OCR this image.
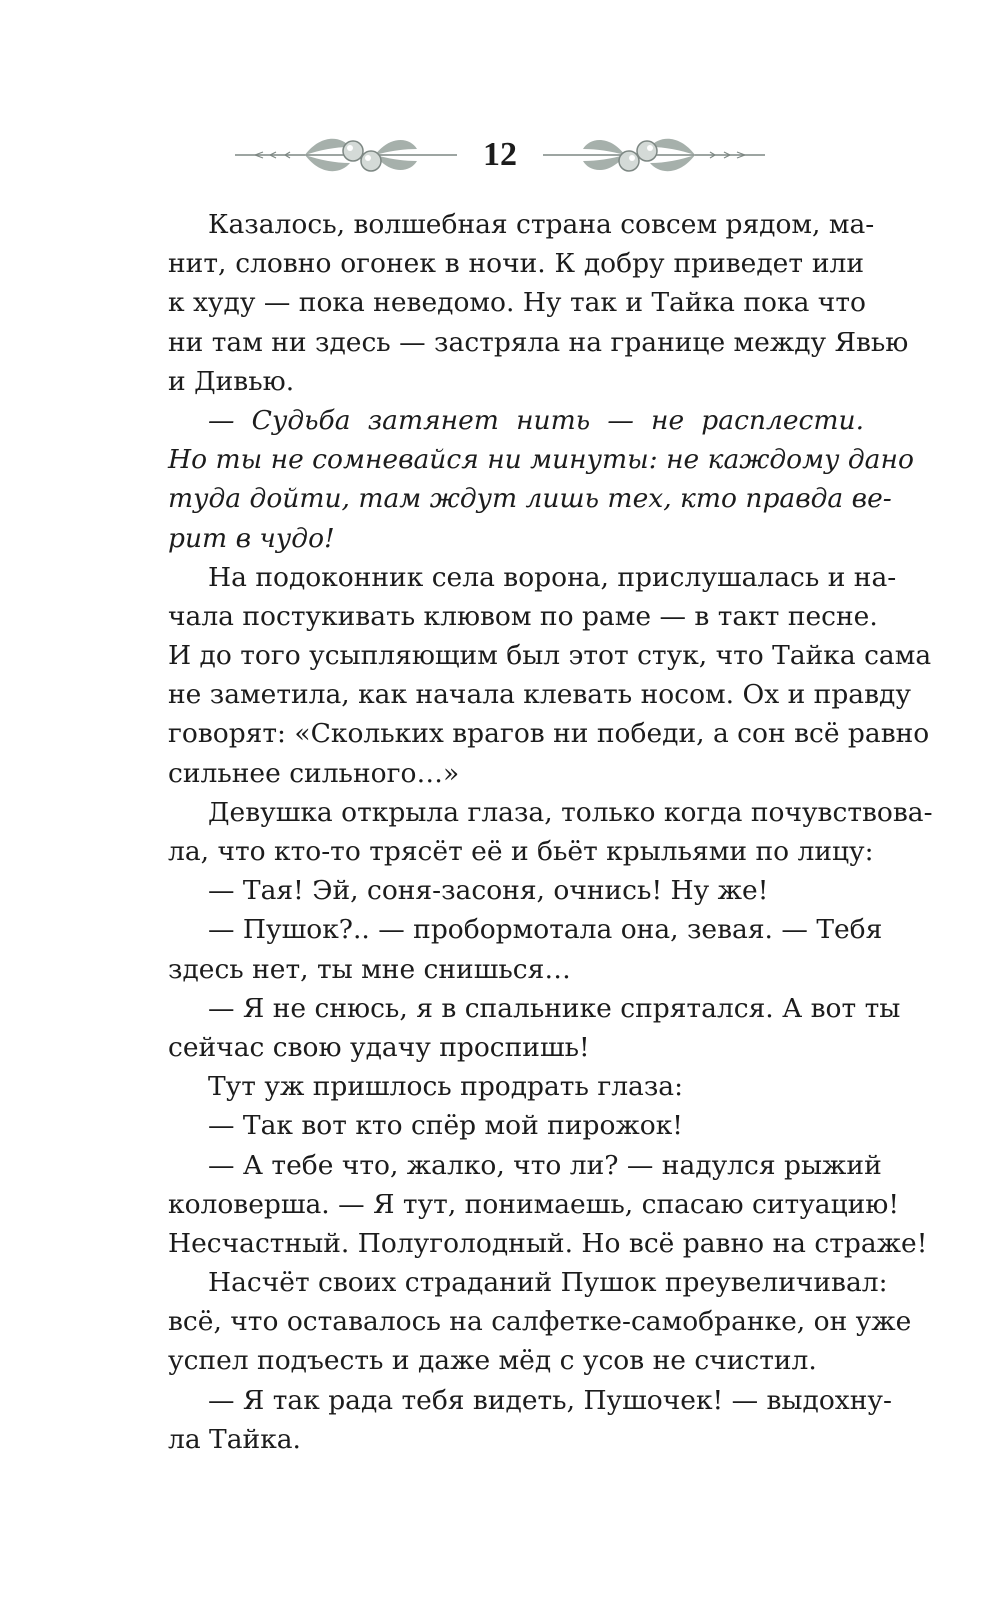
12
Казалось, волшебная страна совсем рядом, ма-
нит, словно огонек в ночи. К добру приведет или
к худу — пока неведомо. Ну так и Тайка пока что
ни там ни здесь — застряла на границе между Явью
и Дивью.
— Судьба затянет нить — не расплести.
Но ты не сомневайся ни минуты: не каждому дано
туда дойти, там ждут лишь тех, кто правда ве-
рит в чудо!
На подоконник села ворона, прислушалась и на-
чала постукивать клювом по раме — в такт песне.
И до того усыпляющим был этот стук, что Тайка сама
не заметила, как начала клевать носом. Ох и правду
говорят: «Скольких врагов ни победи, а сон всё равно
сильнее сильного…»
Девушка открыла глаза, только когда почувствова-
ла, что кто-то трясёт её и бьёт крыльями по лицу:
— Тая! Эй, соня-засоня, очнись! Ну же!
— Пушок?.. — пробормотала она, зевая. — Тебя
здесь нет, ты мне снишься…
— Я не снюсь, я в спальнике спрятался. А вот ты
сейчас свою удачу проспишь!
Тут уж пришлось продрать глаза:
— Так вот кто спёр мой пирожок!
— А тебе что, жалко, что ли? — надулся рыжий
коловерша. — Я тут, понимаешь, спасаю ситуацию!
Несчастный. Полуголодный. Но всё равно на страже!
Насчёт своих страданий Пушок преувеличивал:
всё, что оставалось на салфетке-самобранке, он уже
успел подъесть и даже мёд с усов не счистил.
— Я так рада тебя видеть, Пушочек! — выдохну-
ла Тайка.
